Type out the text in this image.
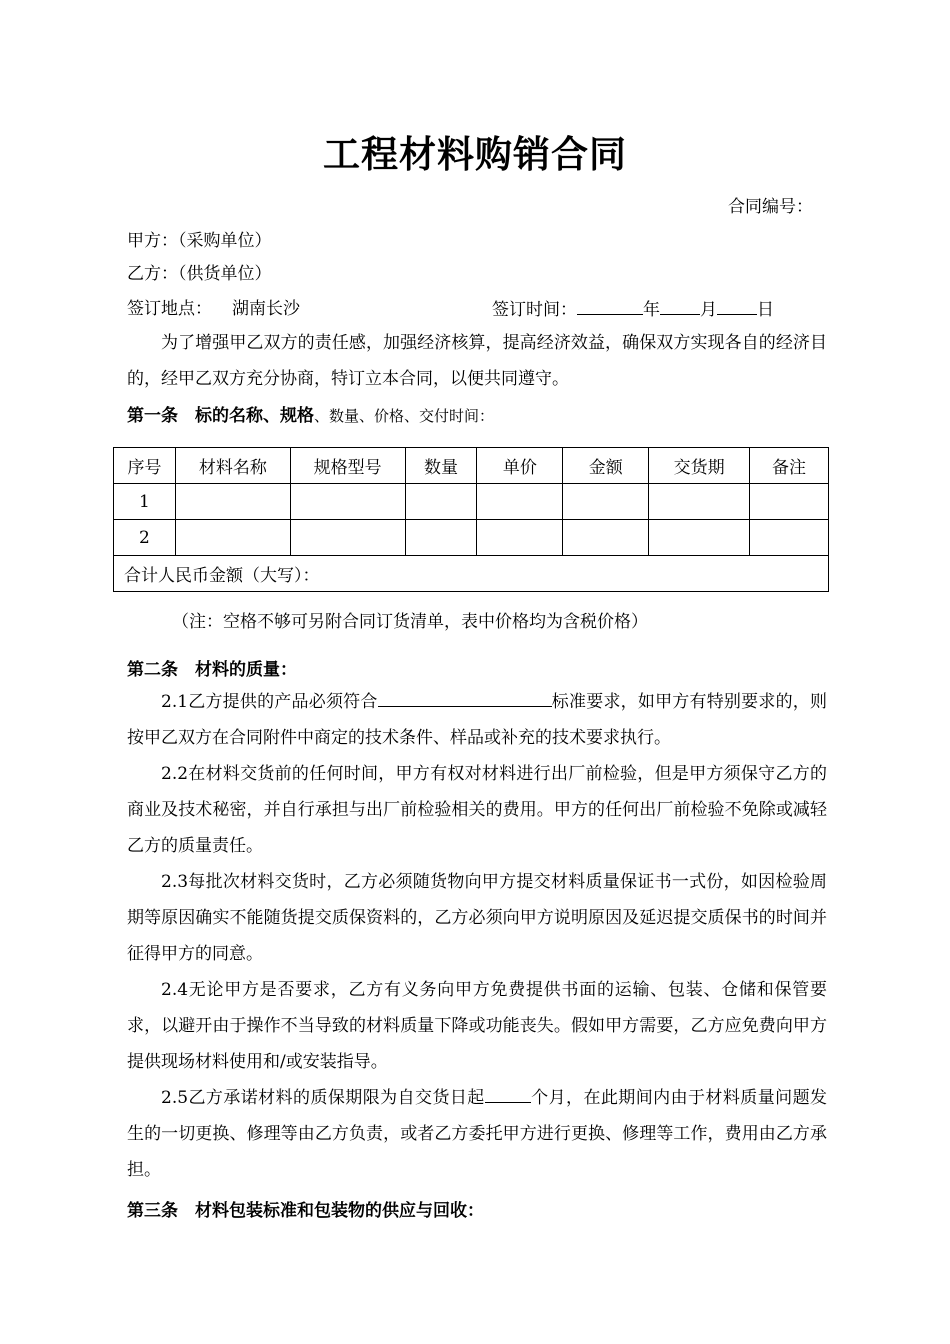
工程材料购销合同
合同编号：
甲方：（采购单位）
乙方：（供货单位）
签订地点： 湖南长沙	签订时间：	年 月 日

为了增强甲乙双方的责任感，加强经济核算，提高经济效益，确保双方实现各自的经济目的，经甲乙双方充分协商，特订立本合同，以便共同遵守。

第一条　标的名称、规格、数量、价格、交付时间：
序号	材料名称	规格型号	数量	单价	金额	交货期	备注
1							
2							
合计人民币金额（大写）：							
（注：空格不够可另附合同订货清单，表中价格均为含税价格）
第二条　材料的质量：

2.1乙方提供的产品必须符合	标准要求，如甲方有特别要求的，则按甲乙双方在合同附件中商定的技术条件、样品或补充的技术要求执行。

2.2在材料交货前的任何时间，甲方有权对材料进行出厂前检验，但是甲方须保守乙方的商业及技术秘密，并自行承担与出厂前检验相关的费用。甲方的任何出厂前检验不免除或减轻乙方的质量责任。

2.3每批次材料交货时，乙方必须随货物向甲方提交材料质量保证书一式份，如因检验周期等原因确实不能随货提交质保资料的，乙方必须向甲方说明原因及延迟提交质保书的时间并征得甲方的同意。

2.4无论甲方是否要求，乙方有义务向甲方免费提供书面的运输、包装、仓储和保管要求，以避开由于操作不当导致的材料质量下降或功能丧失。假如甲方需要，乙方应免费向甲方提供现场材料使用和/或安装指导。

2.5乙方承诺材料的质保期限为自交货日起	个月，在此期间内由于材料质量问题发生的一切更换、修理等由乙方负责，或者乙方委托甲方进行更换、修理等工作，费用由乙方承担。

第三条　材料包装标准和包装物的供应与回收：
